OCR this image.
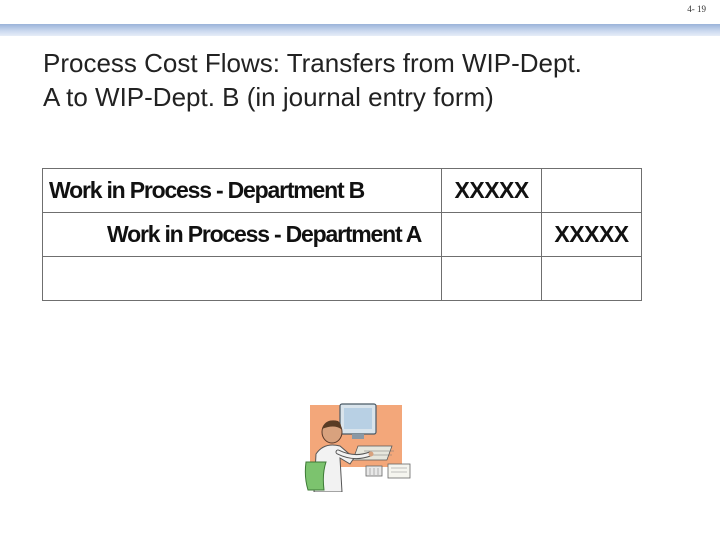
4- 19
Process Cost Flows: Transfers from WIP-Dept.
A to WIP-Dept. B (in journal entry form)
Work in Process - Department B	XXXXX	
Work in Process - Department A		XXXXX
